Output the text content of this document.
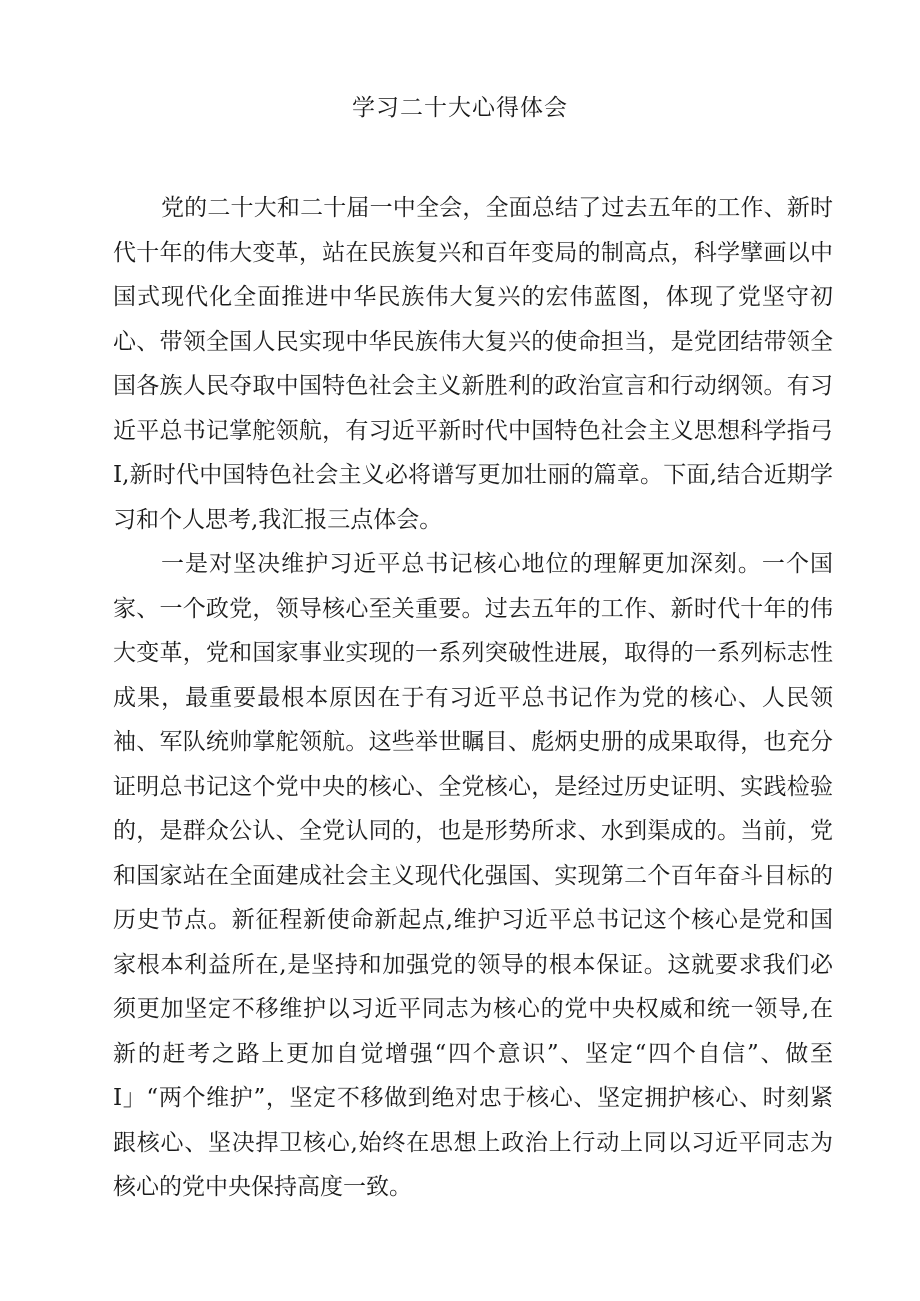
学习二十大心得体会

党的二十大和二十届一中全会，全面总结了过去五年的工作、新时代十年的伟大变革，站在民族复兴和百年变局的制高点，科学擘画以中国式现代化全面推进中华民族伟大复兴的宏伟蓝图，体现了党坚守初心、带领全国人民实现中华民族伟大复兴的使命担当，是党团结带领全国各族人民夺取中国特色社会主义新胜利的政治宣言和行动纲领。有习近平总书记掌舵领航，有习近平新时代中国特色社会主义思想科学指弓I,新时代中国特色社会主义必将谱写更加壮丽的篇章。下面,结合近期学习和个人思考,我汇报三点体会。

一是对坚决维护习近平总书记核心地位的理解更加深刻。一个国家、一个政党，领导核心至关重要。过去五年的工作、新时代十年的伟大变革，党和国家事业实现的一系列突破性进展，取得的一系列标志性成果，最重要最根本原因在于有习近平总书记作为党的核心、人民领袖、军队统帅掌舵领航。这些举世瞩目、彪炳史册的成果取得，也充分证明总书记这个党中央的核心、全党核心，是经过历史证明、实践检验的，是群众公认、全党认同的，也是形势所求、水到渠成的。当前，党和国家站在全面建成社会主义现代化强国、实现第二个百年奋斗目标的历史节点。新征程新使命新起点,维护习近平总书记这个核心是党和国家根本利益所在,是坚持和加强党的领导的根本保证。这就要求我们必须更加坚定不移维护以习近平同志为核心的党中央权威和统一领导,在新的赶考之路上更加自觉增强“四个意识”、坚定“四个自信”、做至I」“两个维护”，坚定不移做到绝对忠于核心、坚定拥护核心、时刻紧跟核心、坚决捍卫核心,始终在思想上政治上行动上同以习近平同志为核心的党中央保持高度一致。
